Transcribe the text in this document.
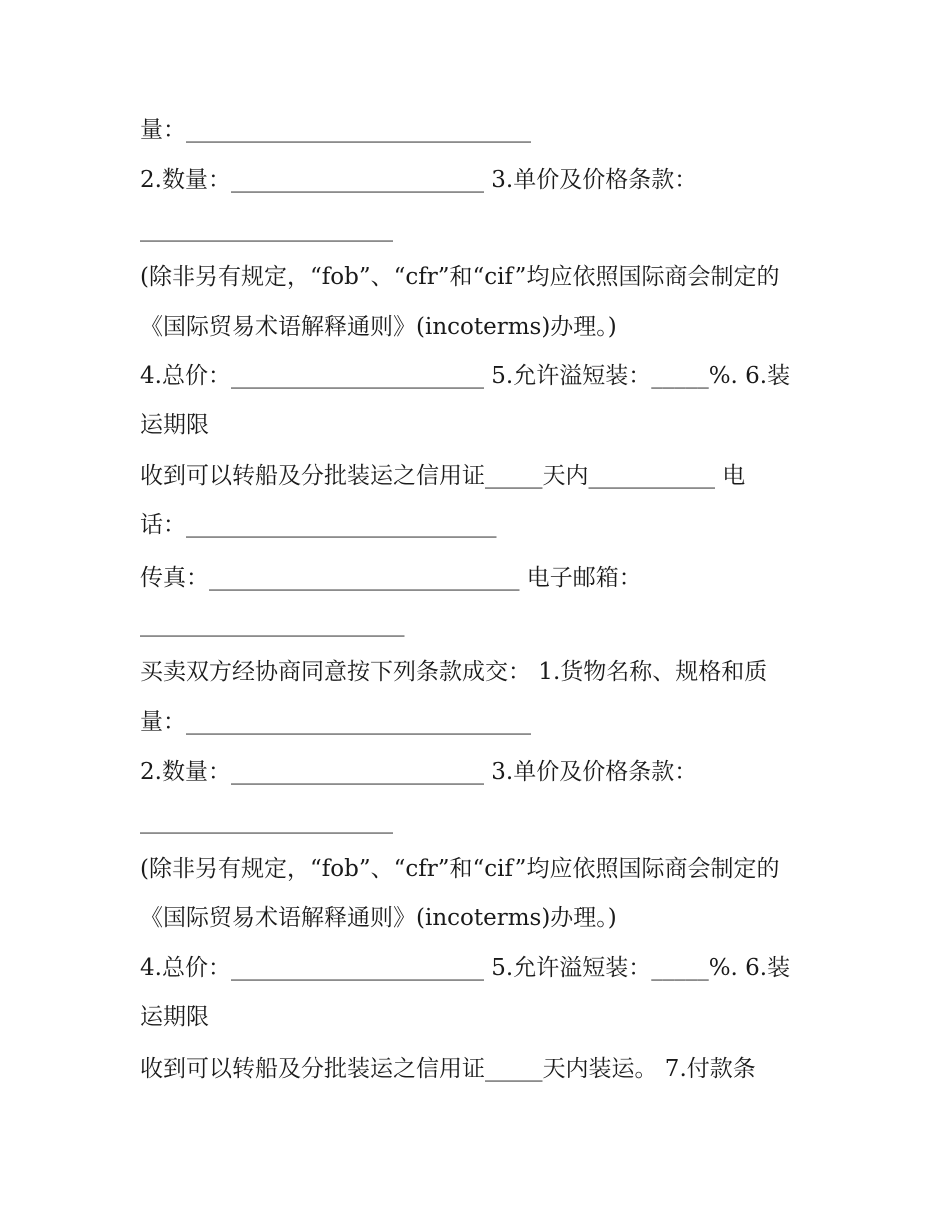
量：______________________________
2.数量：______________________ 3.单价及价格条款：
______________________
(除非另有规定，“fob”、“cfr”和“cif”均应依照国际商会制定的
《国际贸易术语解释通则》(incoterms)办理。)
4.总价：______________________ 5.允许溢短装：_____%. 6.装
运期限
收到可以转船及分批装运之信用证_____天内___________ 电
话：___________________________
传真：___________________________ 电子邮箱：
_______________________
买卖双方经协商同意按下列条款成交： 1.货物名称、规格和质
量：______________________________
2.数量：______________________ 3.单价及价格条款：
______________________
(除非另有规定，“fob”、“cfr”和“cif”均应依照国际商会制定的
《国际贸易术语解释通则》(incoterms)办理。)
4.总价：______________________ 5.允许溢短装：_____%. 6.装
运期限
收到可以转船及分批装运之信用证_____天内装运。 7.付款条
